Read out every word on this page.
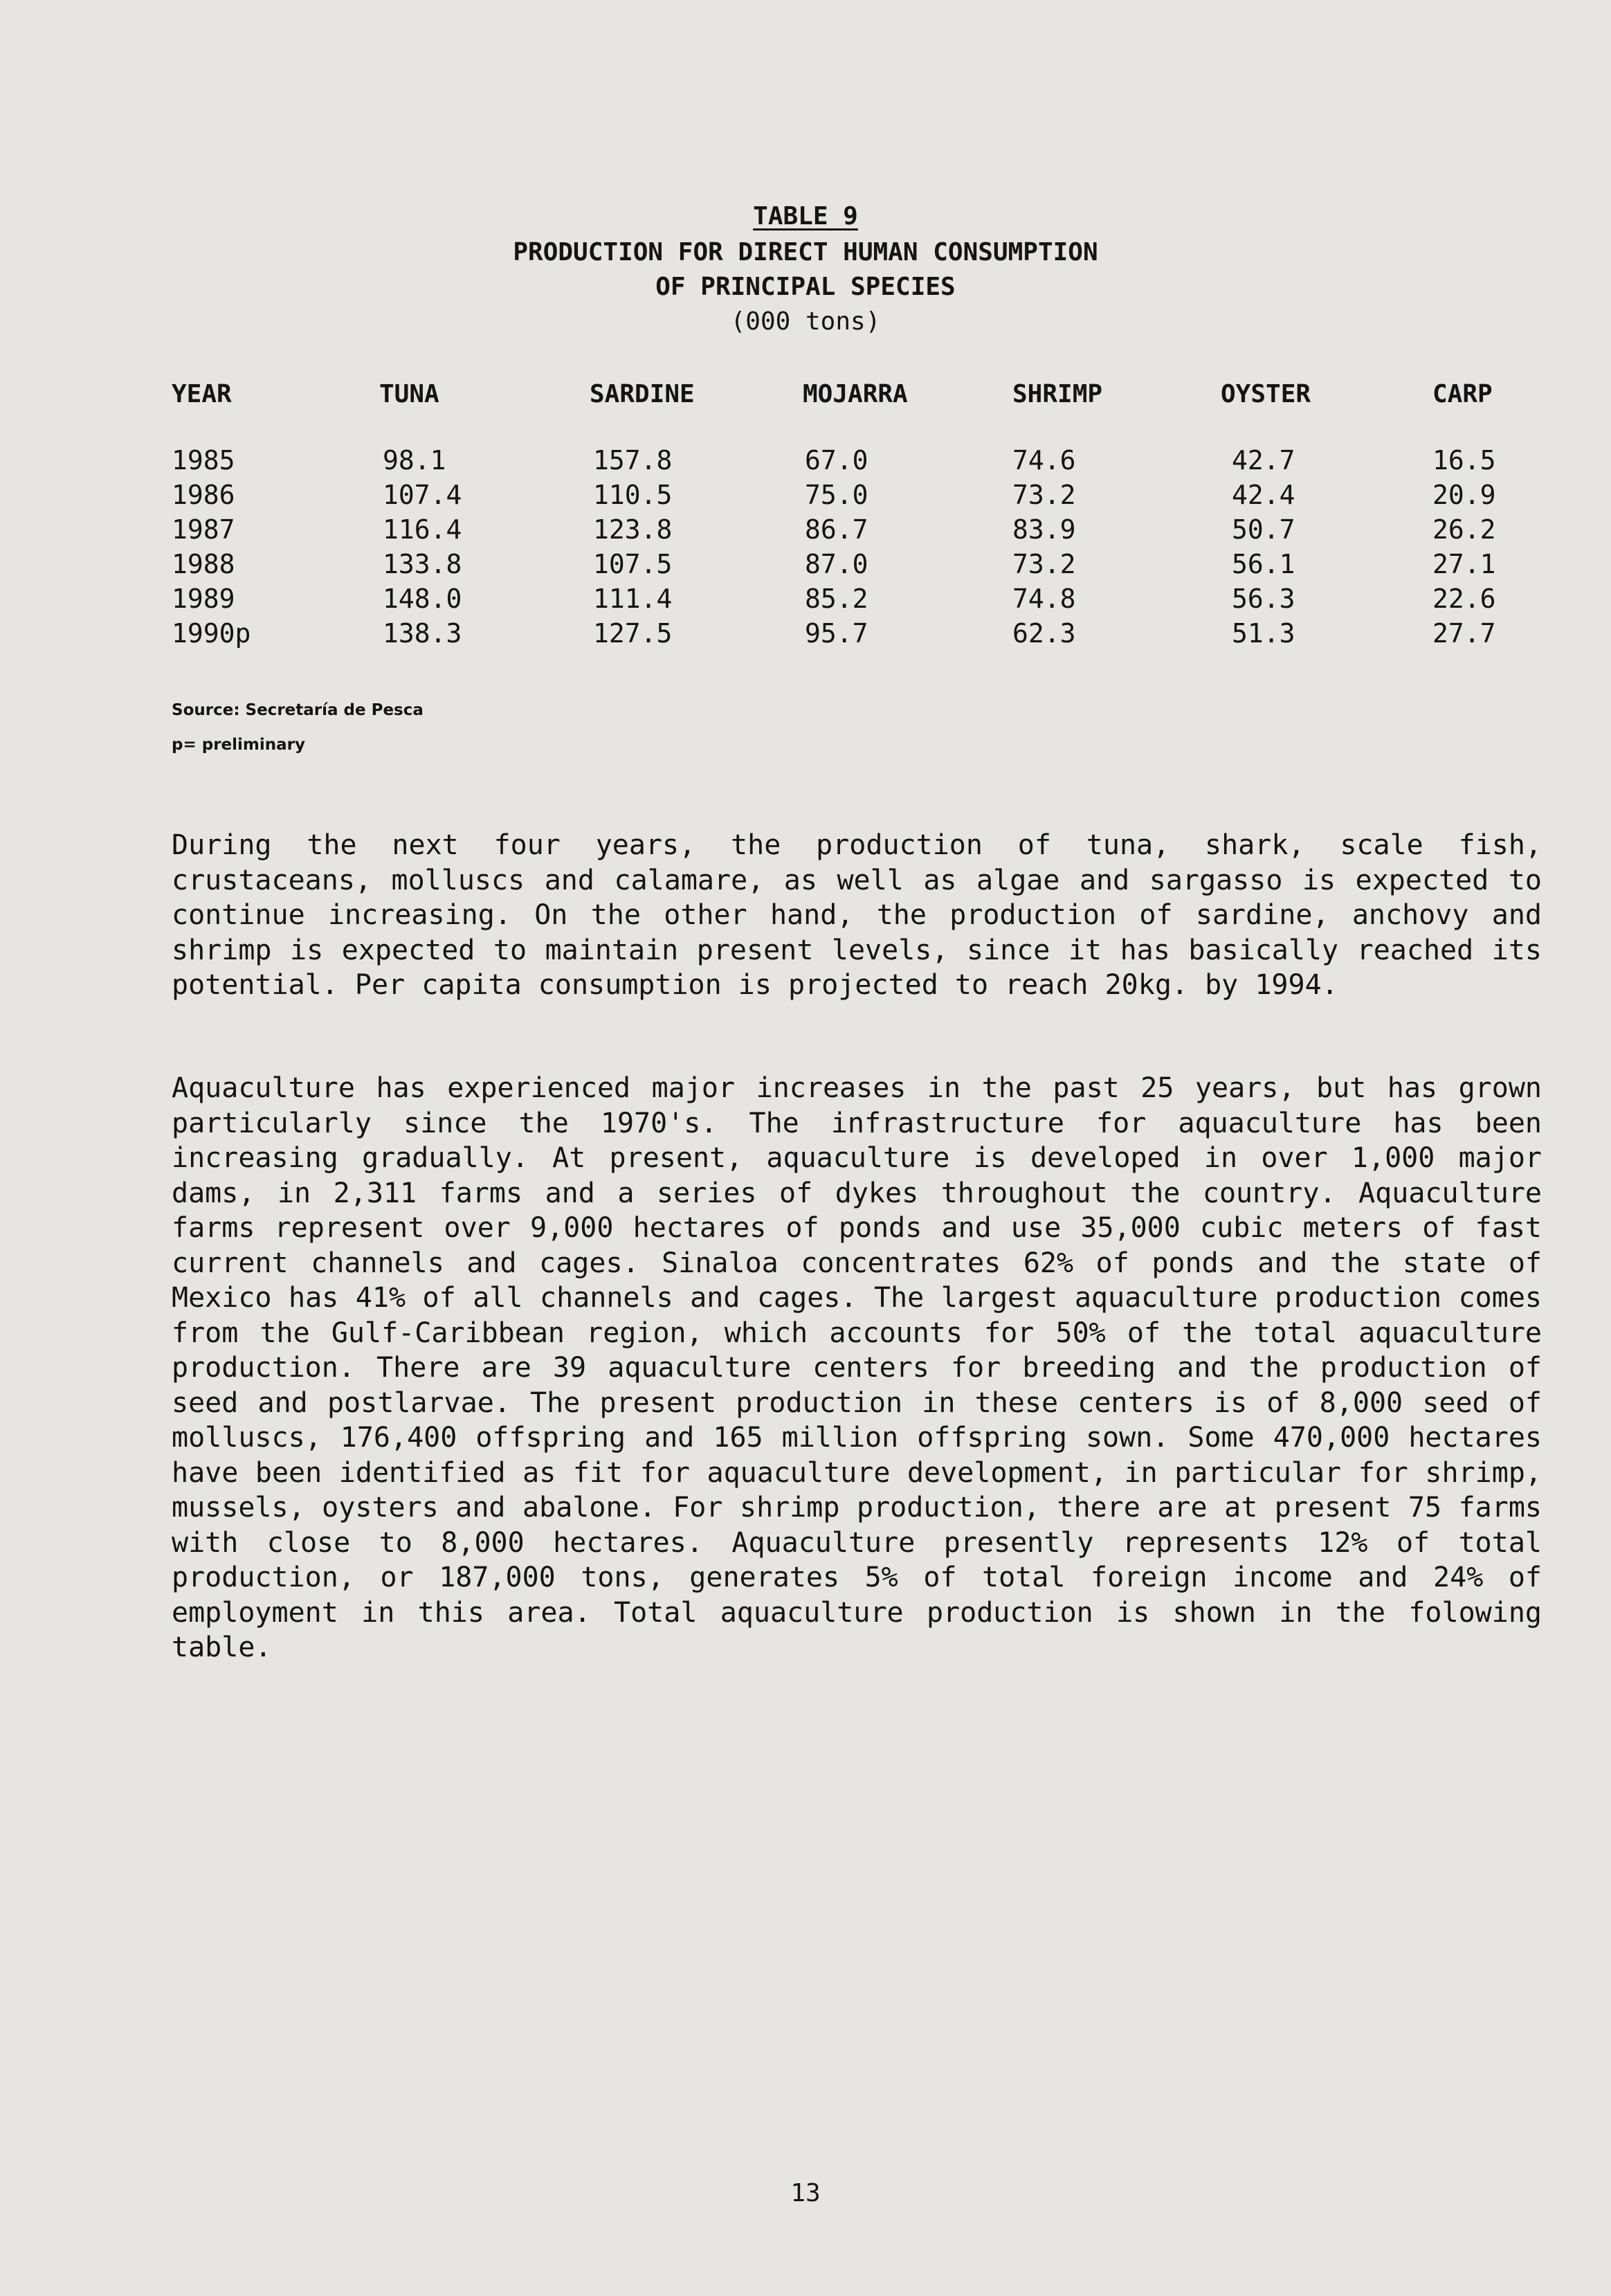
TABLE 9
PRODUCTION FOR DIRECT HUMAN CONSUMPTION
OF PRINCIPAL SPECIES
(000 tons)
YEAR	TUNA	SARDINE	MOJARRA	SHRIMP	OYSTER	CARP
1985	98.1	157.8	67.0	74.6	42.7	16.5
1986	107.4	110.5	75.0	73.2	42.4	20.9
1987	116.4	123.8	86.7	83.9	50.7	26.2
1988	133.8	107.5	87.0	73.2	56.1	27.1
1989	148.0	111.4	85.2	74.8	56.3	22.6
1990p	138.3	127.5	95.7	62.3	51.3	27.7
Source: Secretaría de Pesca
p= preliminary

During the next four years, the production of tuna, shark, scale fish, crustaceans, molluscs and calamare, as well as algae and sargasso is expected to continue increasing. On the other hand, the production of sardine, anchovy and shrimp is expected to maintain present levels, since it has basically reached its potential. Per capita consumption is projected to reach 20kg. by 1994.

Aquaculture has experienced major increases in the past 25 years, but has grown particularly since the 1970's. The infrastructure for aquaculture has been increasing gradually. At present, aquaculture is developed in over 1,000 major dams, in 2,311 farms and a series of dykes throughout the country. Aquaculture farms represent over 9,000 hectares of ponds and use 35,000 cubic meters of fast current channels and cages. Sinaloa concentrates 62% of ponds and the state of Mexico has 41% of all channels and cages. The largest aquaculture production comes from the Gulf-Caribbean region, which accounts for 50% of the total aquaculture production. There are 39 aquaculture centers for breeding and the production of seed and postlarvae. The present production in these centers is of 8,000 seed of molluscs, 176,400 offspring and 165 million offspring sown. Some 470,000 hectares have been identified as fit for aquaculture development, in particular for shrimp, mussels, oysters and abalone. For shrimp production, there are at present 75 farms with close to 8,000 hectares. Aquaculture presently represents 12% of total production, or 187,000 tons, generates 5% of total foreign income and 24% of employment in this area. Total aquaculture production is shown in the folowing table.

13
